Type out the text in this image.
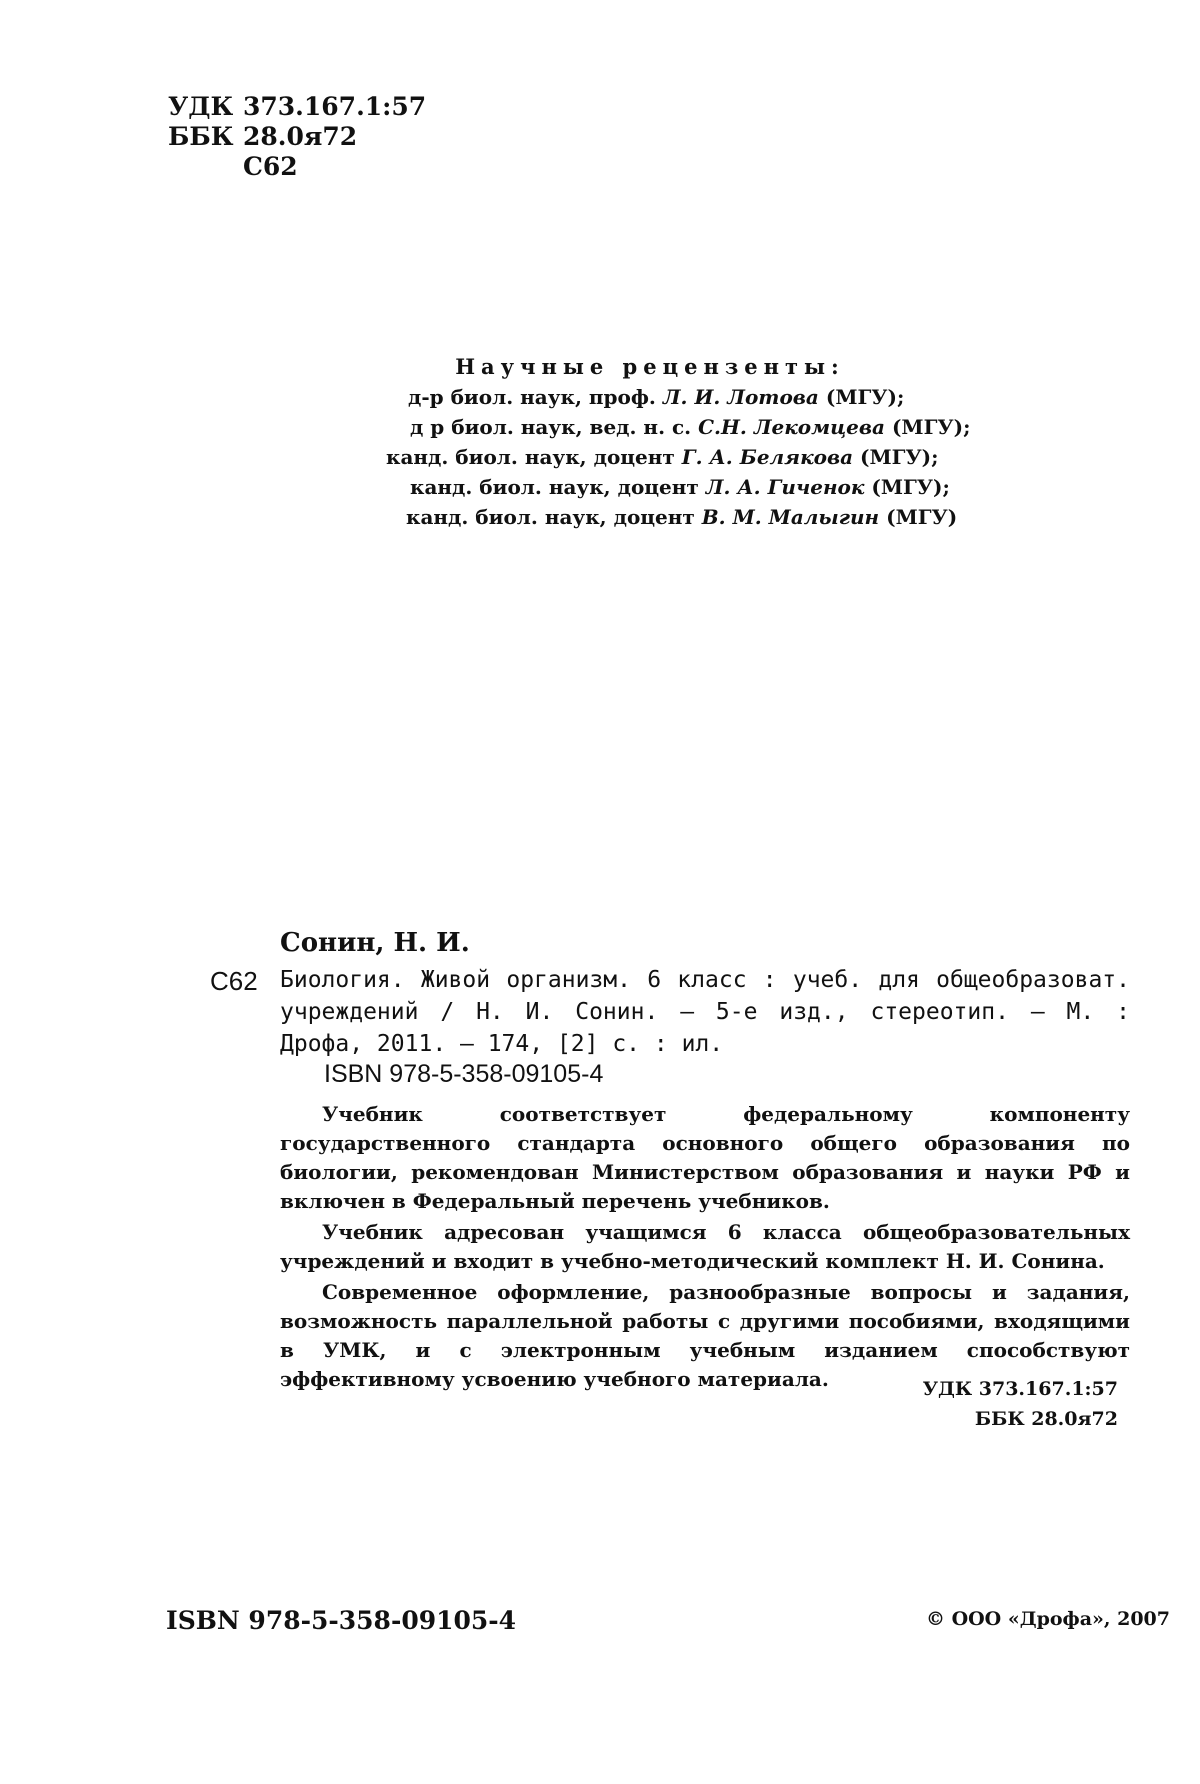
УДК 373.167.1:57
ББК 28.0я72
С62
Научные рецензенты:
д-р биол. наук, проф. Л. И. Лотова (МГУ);
д р биол. наук, вед. н. с. С.Н. Лекомцева (МГУ);
канд. биол. наук, доцент Г. А. Белякова (МГУ);
канд. биол. наук, доцент Л. А. Гиченок (МГУ);
канд. биол. наук, доцент В. М. Малыгин (МГУ)
Сонин, Н. И.
С62 Биология. Живой организм. 6 класс : учеб. для общеобразоват. учреждений / Н. И. Сонин. — 5-е изд., стереотип. — М. : Дрофа, 2011. — 174, [2] с. : ил.
ISBN 978-5-358-09105-4

Учебник соответствует федеральному компоненту государственного стандарта основного общего образования по биологии, рекомендован Министерством образования и науки РФ и включен в Федеральный перечень учебников.

Учебник адресован учащимся 6 класса общеобразовательных учреждений и входит в учебно-методический комплект Н. И. Сонина.

Современное оформление, разнообразные вопросы и задания, возможность параллельной работы с другими пособиями, входящими в УМК, и с электронным учебным изданием способствуют эффективному усвоению учебного материала.	УДК 373.167.1:57
ББК 28.0я72
ISBN 978-5-358-09105-4	© ООО «Дрофа», 2007
